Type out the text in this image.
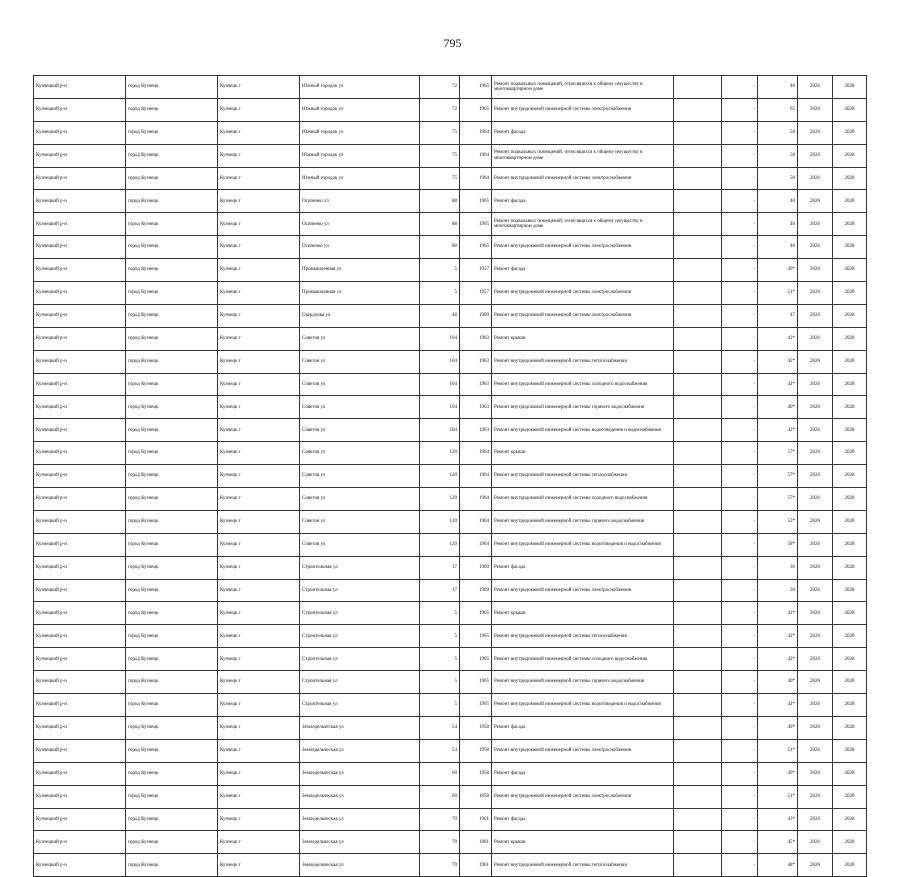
795
Кузнецкий р-н	город Кузнецк	Кузнецк г	Южный городок ул	72	1965	Ремонт подвальных помещений, относящихся к общему имуществу в многоквартирном доме		-	40	2026	2028
Кузнецкий р-н	город Кузнецк	Кузнецк г	Южный городок ул	72	1965	Ремонт внутридомовой инженерной системы электроснабжения		-	65	2026	2028
Кузнецкий р-н	город Кузнецк	Кузнецк г	Южный городок ул	75	1964	Ремонт фасада		-	50	2026	2028
Кузнецкий р-н	город Кузнецк	Кузнецк г	Южный городок ул	75	1964	Ремонт подвальных помещений, относящихся к общему имуществу в многоквартирном доме		-	50	2026	2028
Кузнецкий р-н	город Кузнецк	Кузнецк г	Южный городок ул	75	1964	Ремонт внутридомовой инженерной системы электроснабжения		-	50	2026	2028
Кузнецкий р-н	город Кузнецк	Кузнецк г	Осипенко ул	88	1965	Ремонт фасада		-	40	2026	2028
Кузнецкий р-н	город Кузнецк	Кузнецк г	Осипенко ул	88	1965	Ремонт подвальных помещений, относящихся к общему имуществу в многоквартирном доме		-	40	2026	2028
Кузнецкий р-н	город Кузнецк	Кузнецк г	Осипенко ул	88	1965	Ремонт внутридомовой инженерной системы электроснабжения		-	40	2026	2028
Кузнецкий р-н	город Кузнецк	Кузнецк г	Промышленная ул	5	1957	Ремонт фасада		-	49*	2026	2028
Кузнецкий р-н	город Кузнецк	Кузнецк г	Промышленная ул	5	1957	Ремонт внутридомовой инженерной системы электроснабжения		-	51*	2026	2028
Кузнецкий р-н	город Кузнецк	Кузнецк г	Свердлова ул	48	1969	Ремонт внутридомовой инженерной системы электроснабжения		-	47	2026	2028
Кузнецкий р-н	город Кузнецк	Кузнецк г	Советов ул	104	1963	Ремонт крыши		-	42*	2026	2028
Кузнецкий р-н	город Кузнецк	Кузнецк г	Советов ул	104	1963	Ремонт внутридомовой инженерной системы теплоснабжения		-	42*	2026	2028
Кузнецкий р-н	город Кузнецк	Кузнецк г	Советов ул	104	1963	Ремонт внутридомовой инженерной системы холодного водоснабжения		-	42*	2026	2028
Кузнецкий р-н	город Кузнецк	Кузнецк г	Советов ул	104	1963	Ремонт внутридомовой инженерной системы горячего водоснабжения		-	40*	2026	2028
Кузнецкий р-н	город Кузнецк	Кузнецк г	Советов ул	104	1963	Ремонт внутридомовой инженерной системы водоотведения и водоснабжения		-	42*	2026	2028
Кузнецкий р-н	город Кузнецк	Кузнецк г	Советов ул	120	1964	Ремонт крыши		-	57*	2026	2028
Кузнецкий р-н	город Кузнецк	Кузнецк г	Советов ул	120	1964	Ремонт внутридомовой инженерной системы теплоснабжения		-	57*	2026	2028
Кузнецкий р-н	город Кузнецк	Кузнецк г	Советов ул	120	1964	Ремонт внутридомовой инженерной системы холодного водоснабжения		-	57*	2026	2028
Кузнецкий р-н	город Кузнецк	Кузнецк г	Советов ул	120	1964	Ремонт внутридомовой инженерной системы горячего водоснабжения		-	53*	2026	2028
Кузнецкий р-н	город Кузнецк	Кузнецк г	Советов ул	120	1964	Ремонт внутридомовой инженерной системы водоотведения и водоснабжения		-	58*	2026	2028
Кузнецкий р-н	город Кузнецк	Кузнецк г	Строительная ул	17	1969	Ремонт фасада		-	30	2026	2028
Кузнецкий р-н	город Кузнецк	Кузнецк г	Строительная ул	17	1969	Ремонт внутридомовой инженерной системы электроснабжения		-	30	2026	2028
Кузнецкий р-н	город Кузнецк	Кузнецк г	Строительная ул	5	1965	Ремонт крыши		-	42*	2026	2028
Кузнецкий р-н	город Кузнецк	Кузнецк г	Строительная ул	5	1965	Ремонт внутридомовой инженерной системы теплоснабжения		-	42*	2026	2028
Кузнецкий р-н	город Кузнецк	Кузнецк г	Строительная ул	5	1965	Ремонт внутридомовой инженерной системы холодного водоснабжения		-	42*	2026	2028
Кузнецкий р-н	город Кузнецк	Кузнецк г	Строительная ул	5	1965	Ремонт внутридомовой инженерной системы горячего водоснабжения		-	40*	2026	2028
Кузнецкий р-н	город Кузнецк	Кузнецк г	Строительная ул	5	1965	Ремонт внутридомовой инженерной системы водоотведения и водоснабжения		-	42*	2026	2028
Кузнецкий р-н	город Кузнецк	Кузнецк г	Земледельческая ул	54	1958	Ремонт фасада		-	49*	2026	2028
Кузнецкий р-н	город Кузнецк	Кузнецк г	Земледельческая ул	54	1958	Ремонт внутридомовой инженерной системы электроснабжения		-	51*	2026	2028
Кузнецкий р-н	город Кузнецк	Кузнецк г	Земледельческая ул	60	1958	Ремонт фасада		-	49*	2026	2028
Кузнецкий р-н	город Кузнецк	Кузнецк г	Земледельческая ул	60	1958	Ремонт внутридомовой инженерной системы электроснабжения		-	51*	2026	2028
Кузнецкий р-н	город Кузнецк	Кузнецк г	Земледельческая ул	70	1961	Ремонт фасада		-	43*	2026	2028
Кузнецкий р-н	город Кузнецк	Кузнецк г	Земледельческая ул	70	1961	Ремонт крыши		-	45*	2026	2028
Кузнецкий р-н	город Кузнецк	Кузнецк г	Земледельческая ул	70	1961	Ремонт внутридомовой инженерной системы теплоснабжения		-	48*	2026	2028
